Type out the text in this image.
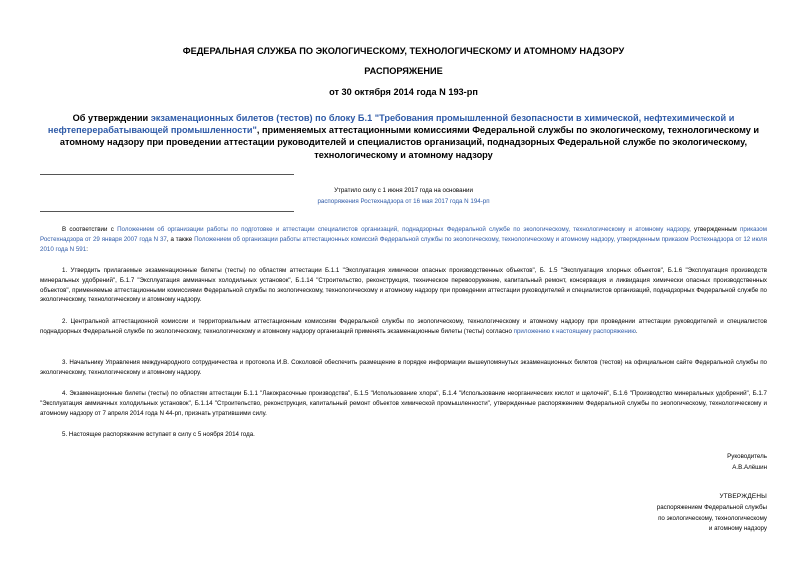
ФЕДЕРАЛЬНАЯ СЛУЖБА ПО ЭКОЛОГИЧЕСКОМУ, ТЕХНОЛОГИЧЕСКОМУ И АТОМНОМУ НАДЗОРУ
РАСПОРЯЖЕНИЕ
от 30 октября 2014 года N 193-рп
Об утверждении экзаменационных билетов (тестов) по блоку Б.1 "Требования промышленной безопасности в химической, нефтехимической и нефтеперерабатывающей промышленности", применяемых аттестационными комиссиями Федеральной службы по экологическому, технологическому и атомному надзору при проведении аттестации руководителей и специалистов организаций, поднадзорных Федеральной службе по экологическому, технологическому и атомному надзору
Утратило силу с 1 июня 2017 года на основании
распоряжения Ростехнадзора от 16 мая 2017 года N 194-рп
В соответствии с Положением об организации работы по подготовке и аттестации специалистов организаций, поднадзорных Федеральной службе по экологическому, технологическому и атомному надзору, утвержденным приказом Ростехнадзора от 29 января 2007 года N 37, а также Положением об организации работы аттестационных комиссий Федеральной службы по экологическому, технологическому и атомному надзору, утвержденным приказом Ростехнадзора от 12 июля 2010 года N 591:
1. Утвердить прилагаемые экзаменационные билеты (тесты) по областям аттестации Б.1.1 "Эксплуатация химически опасных производственных объектов", Б. 1.5 "Эксплуатация хлорных объектов", Б.1.6 "Эксплуатация производств минеральных удобрений", Б.1.7 "Эксплуатация аммиачных холодильных установок", Б.1.14 "Строительство, реконструкция, техническое перевооружение, капитальный ремонт, консервация и ликвидация химически опасных производственных объектов", применяемые аттестационными комиссиями Федеральной службы по экологическому, технологическому и атомному надзору при проведении аттестации руководителей и специалистов организаций, поднадзорных Федеральной службе по экологическому, технологическому и атомному надзору.
2. Центральной аттестационной комиссии и территориальным аттестационным комиссиям Федеральной службы по экологическому, технологическому и атомному надзору при проведении аттестации руководителей и специалистов поднадзорных Федеральной службе по экологическому, технологическому и атомному надзору организаций применять экзаменационные билеты (тесты) согласно приложению к настоящему распоряжению.
3. Начальнику Управления международного сотрудничества и протокола И.В. Соколовой обеспечить размещение в порядке информации вышеупомянутых экзаменационных билетов (тестов) на официальном сайте Федеральной службы по экологическому, технологическому и атомному надзору.
4. Экзаменационные билеты (тесты) по областям аттестации Б.1.1 "Лакокрасочные производства", Б.1.5 "Использование хлора", Б.1.4 "Использование неорганических кислот и щелочей", Б.1.6 "Производство минеральных удобрений", Б.1.7 "Эксплуатация аммиачных холодильных установок", Б.1.14 "Строительство, реконструкция, капитальный ремонт объектов химической промышленности", утвержденные распоряжением Федеральной службы по экологическому, технологическому и атомному надзору от 7 апреля 2014 года N 44-рп, признать утратившими силу.
5. Настоящее распоряжение вступает в силу с 5 ноября 2014 года.
Руководитель
А.В.Алёшин
УТВЕРЖДЕНЫ
распоряжением Федеральной службы
по экологическому, технологическому
и атомному надзору
